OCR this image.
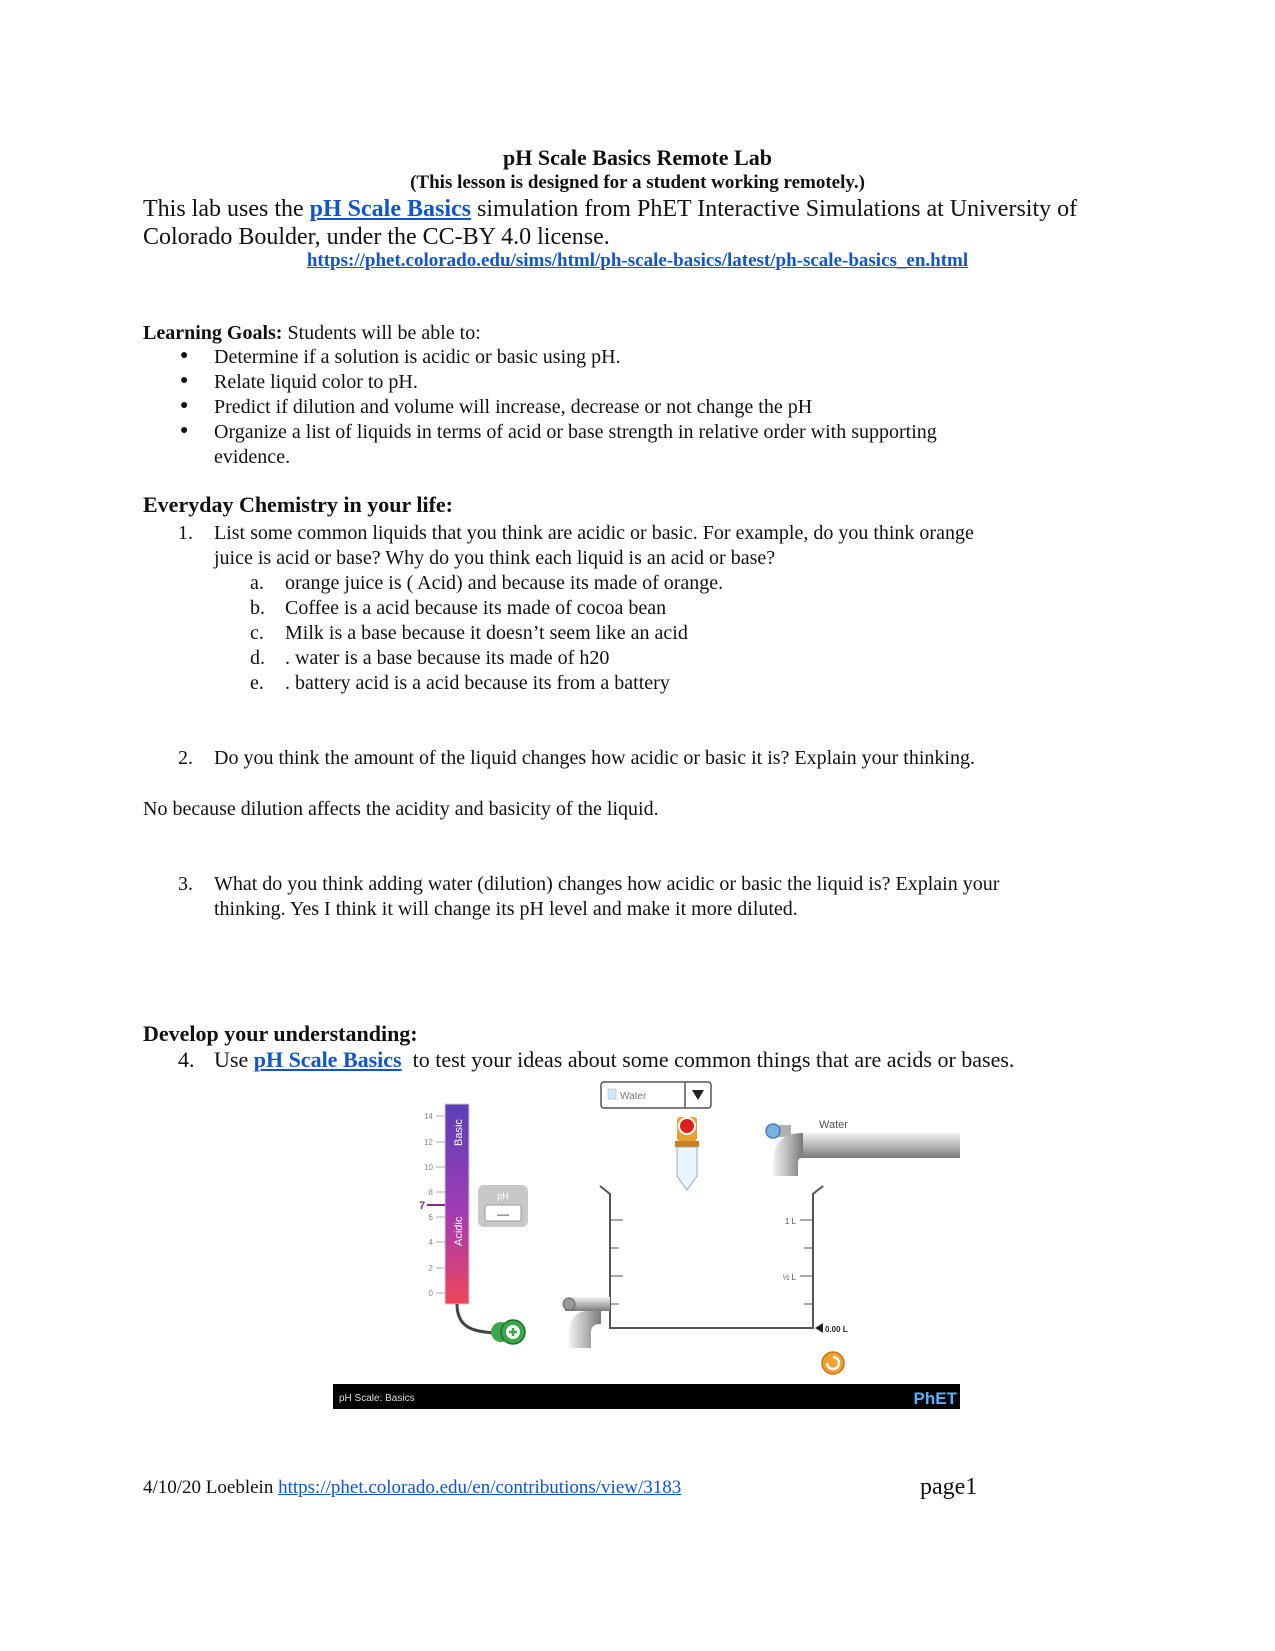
pH Scale Basics Remote Lab
(This lesson is designed for a student working remotely.)
This lab uses the pH Scale Basics simulation from PhET Interactive Simulations at University of
Colorado Boulder, under the CC-BY 4.0 license.
https://phet.colorado.edu/sims/html/ph-scale-basics/latest/ph-scale-basics_en.html
Learning Goals: Students will be able to:
● Determine if a solution is acidic or basic using pH.
● Relate liquid color to pH.
● Predict if dilution and volume will increase, decrease or not change the pH
● Organize a list of liquids in terms of acid or base strength in relative order with supporting
evidence.
Everyday Chemistry in your life:
1. List some common liquids that you think are acidic or basic. For example, do you think orange
juice is acid or base? Why do you think each liquid is an acid or base?
a. orange juice is ( Acid) and because its made of orange.
b. Coffee is a acid because its made of cocoa bean
c. Milk is a base because it doesn’t seem like an acid
d. . water is a base because its made of h20
e. . battery acid is a acid because its from a battery
2. Do you think the amount of the liquid changes how acidic or basic it is? Explain your thinking.
No because dilution affects the acidity and basicity of the liquid.
3. What do you think adding water (dilution) changes how acidic or basic the liquid is? Explain your
thinking. Yes I think it will change its pH level and make it more diluted.
Develop your understanding:
4. Use pH Scale Basics  to test your ideas about some common things that are acids or bases.
Water
Basic
Acidic
14
12
10
8
6
4
2
0
7
pH
—
Water
1 L
½ L
0.00 L
pH Scale: Basics	PhET
4/10/20 Loeblein https://phet.colorado.edu/en/contributions/view/3183	page1
